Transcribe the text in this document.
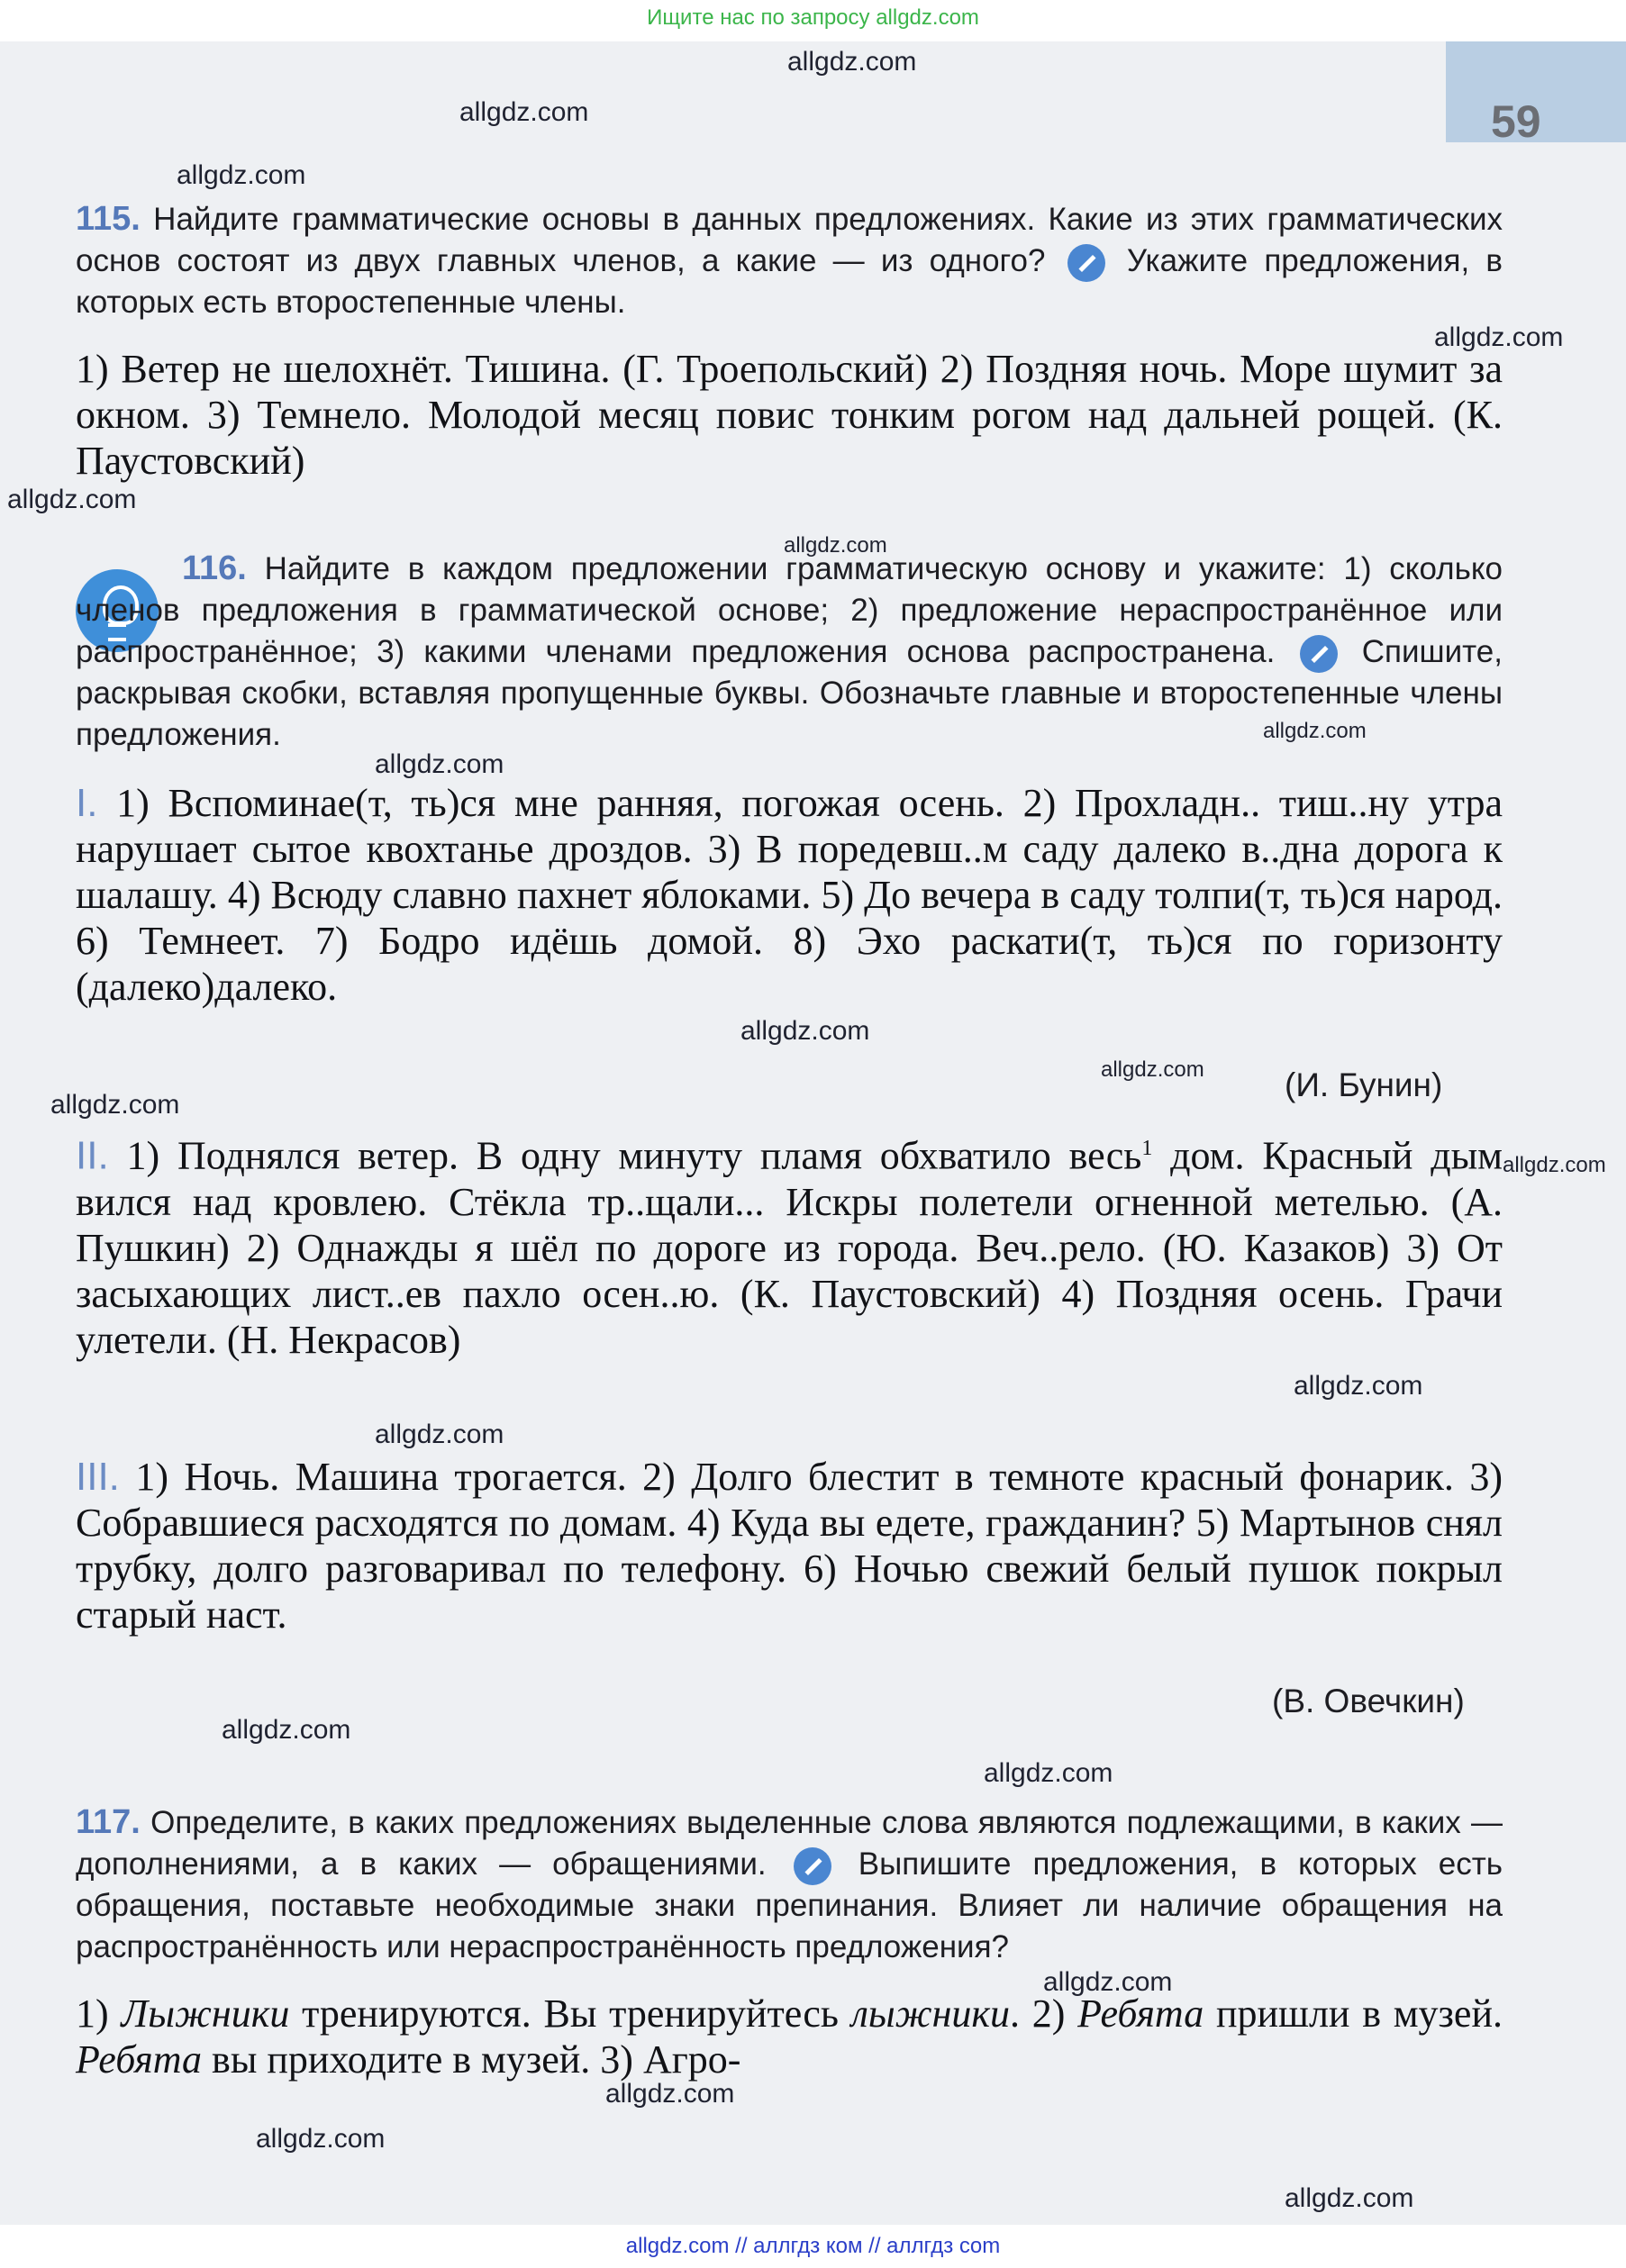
Ищите нас по запросу allgdz.com
59
115. Найдите грамматические основы в данных предложениях. Какие из этих грамматических основ состоят из двух главных членов, а какие — из одного?	Укажите предложения, в которых есть второстепенные члены.
1) Ветер не шелохнёт. Тишина. (Г. Троепольский) 2) Поздняя ночь. Море шумит за окном. 3) Темнело. Молодой месяц повис тонким рогом над дальней рощей. (К. Паустовский)
116. Найдите в каждом предложении грамматическую основу и укажите: 1) сколько членов предложения в грамматической основе; 2) предложение нераспространённое или распространённое; 3) какими членами предложения основа распространена.	Спишите, раскрывая скобки, вставляя пропущенные буквы. Обозначьте главные и второстепенные члены предложения.
I. 1) Вспоминае(т, ть)ся мне ранняя, погожая осень. 2) Прохладн.. тиш..ну утра нарушает сытое квохтанье дроздов. 3) В поредевш..м саду далеко в..дна дорога к шалашу. 4) Всюду славно пахнет яблоками. 5) До вечера в саду толпи(т, ть)ся народ. 6) Темнеет. 7) Бодро идёшь домой. 8) Эхо раскати(т, ть)ся по горизонту (далеко)далеко.
(И. Бунин)
II. 1) Поднялся ветер. В одну минуту пламя обхватило весь$^1$ дом. Красный дым вился над кровлею. Стёкла тр..щали... Искры полетели огненной метелью. (А. Пушкин) 2) Однажды я шёл по дороге из города. Веч..рело. (Ю. Казаков) 3) От засыхающих лист..ев пахло осен..ю. (К. Паустовский) 4) Поздняя осень. Грачи улетели. (Н. Некрасов)
III. 1) Ночь. Машина трогается. 2) Долго блестит в темноте красный фонарик. 3) Собравшиеся расходятся по домам. 4) Куда вы едете, гражданин? 5) Мартынов снял трубку, долго разговаривал по телефону. 6) Ночью свежий белый пушок покрыл старый наст.
(В. Овечкин)
117. Определите, в каких предложениях выделенные слова являются подлежащими, в каких — дополнениями, а в каких — обращениями.	Выпишите предложения, в которых есть обращения, поставьте необходимые знаки препинания. Влияет ли наличие обращения на распространённость или нераспространённость предложения?
1) Лыжники тренируются. Вы тренируйтесь лыжники. 2) Ребята пришли в музей. Ребята вы приходите в музей. 3) Агро-
allgdz.com
allgdz.com
allgdz.com
allgdz.com
allgdz.com
allgdz.com
allgdz.com
allgdz.com
allgdz.com
allgdz.com
allgdz.com
allgdz.com
allgdz.com
allgdz.com
allgdz.com
allgdz.com
allgdz.com
allgdz.com
allgdz.com
allgdz.com
allgdz.com // аллгдз ком // аллгдз com
